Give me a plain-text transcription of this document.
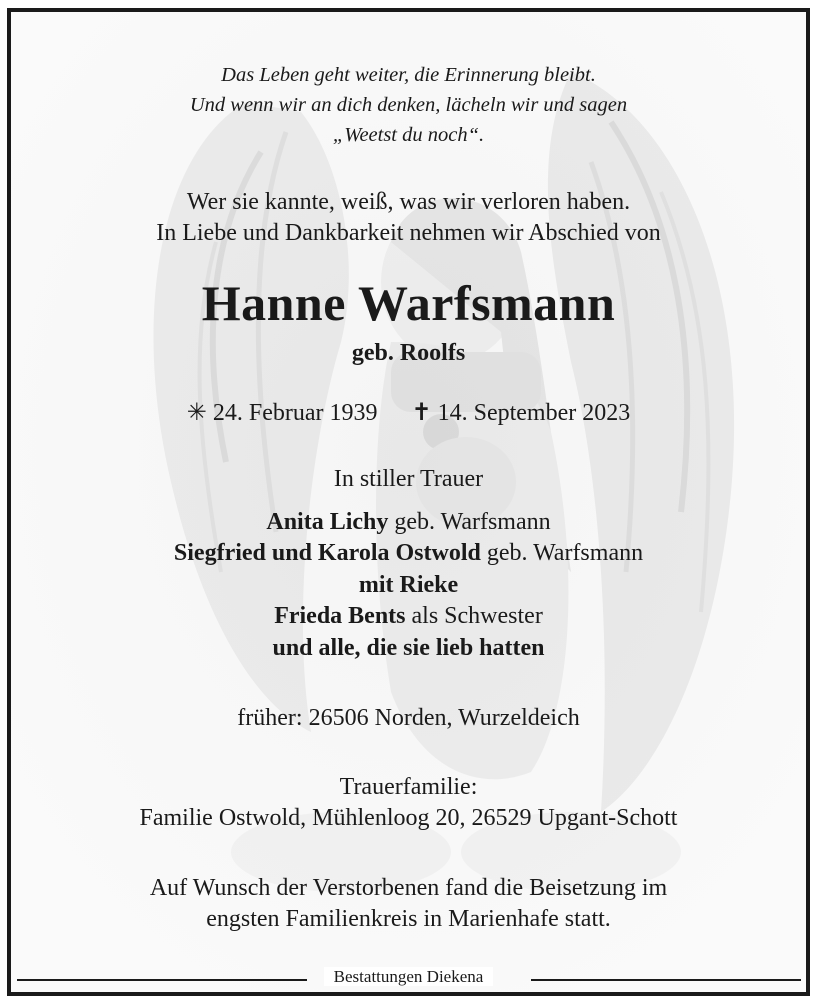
Das Leben geht weiter, die Erinnerung bleibt.
Und wenn wir an dich denken, lächeln wir und sagen
„Weetst du noch“.
Wer sie kannte, weiß, was wir verloren haben.
In Liebe und Dankbarkeit nehmen wir Abschied von
Hanne Warfsmann
geb. Roolfs
✳ 24. Februar 1939 ✝ 14. September 2023
In stiller Trauer
Anita Lichy geb. Warfsmann
Siegfried und Karola Ostwold geb. Warfsmann
mit Rieke
Frieda Bents als Schwester
und alle, die sie lieb hatten
früher: 26506 Norden, Wurzeldeich
Trauerfamilie:
Familie Ostwold, Mühlenloog 20, 26529 Upgant-Schott
Auf Wunsch der Verstorbenen fand die Beisetzung im
engsten Familienkreis in Marienhafe statt.
Bestattungen Diekena
